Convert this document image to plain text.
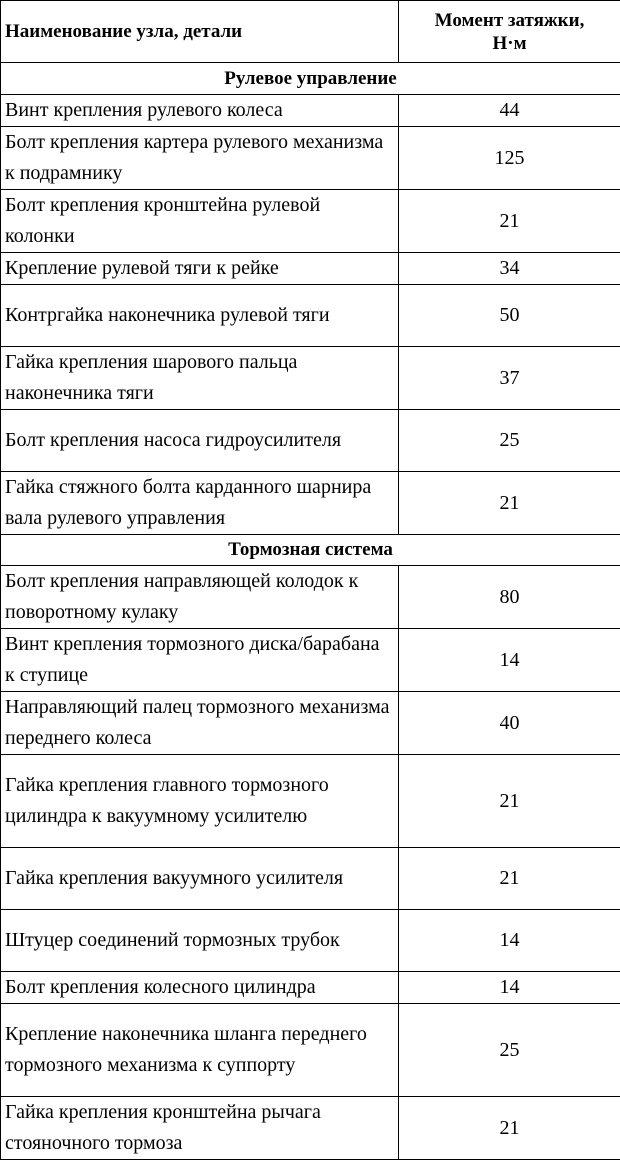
Наименование узла, детали	Момент затяжки,
Н·м
Рулевое управление	
Винт крепления рулевого колеса	44
Болт крепления картера рулевого механизма к подрамнику	125
Болт крепления кронштейна рулевой колонки	21
Крепление рулевой тяги к рейке	34
Контргайка наконечника рулевой тяги	50
Гайка крепления шарового пальца наконечника тяги	37
Болт крепления насоса гидроусилителя	25
Гайка стяжного болта карданного шарнира вала рулевого управления	21
Тормозная система	
Болт крепления направляющей колодок к поворотному кулаку	80
Винт крепления тормозного диска/барабана к ступице	14
Направляющий палец тормозного механизма переднего колеса	40
Гайка крепления главного тормозного цилиндра к вакуумному усилителю	21
Гайка крепления вакуумного усилителя	21
Штуцер соединений тормозных трубок	14
Болт крепления колесного цилиндра	14
Крепление наконечника шланга переднего тормозного механизма к суппорту	25
Гайка крепления кронштейна рычага стояночного тормоза	21
